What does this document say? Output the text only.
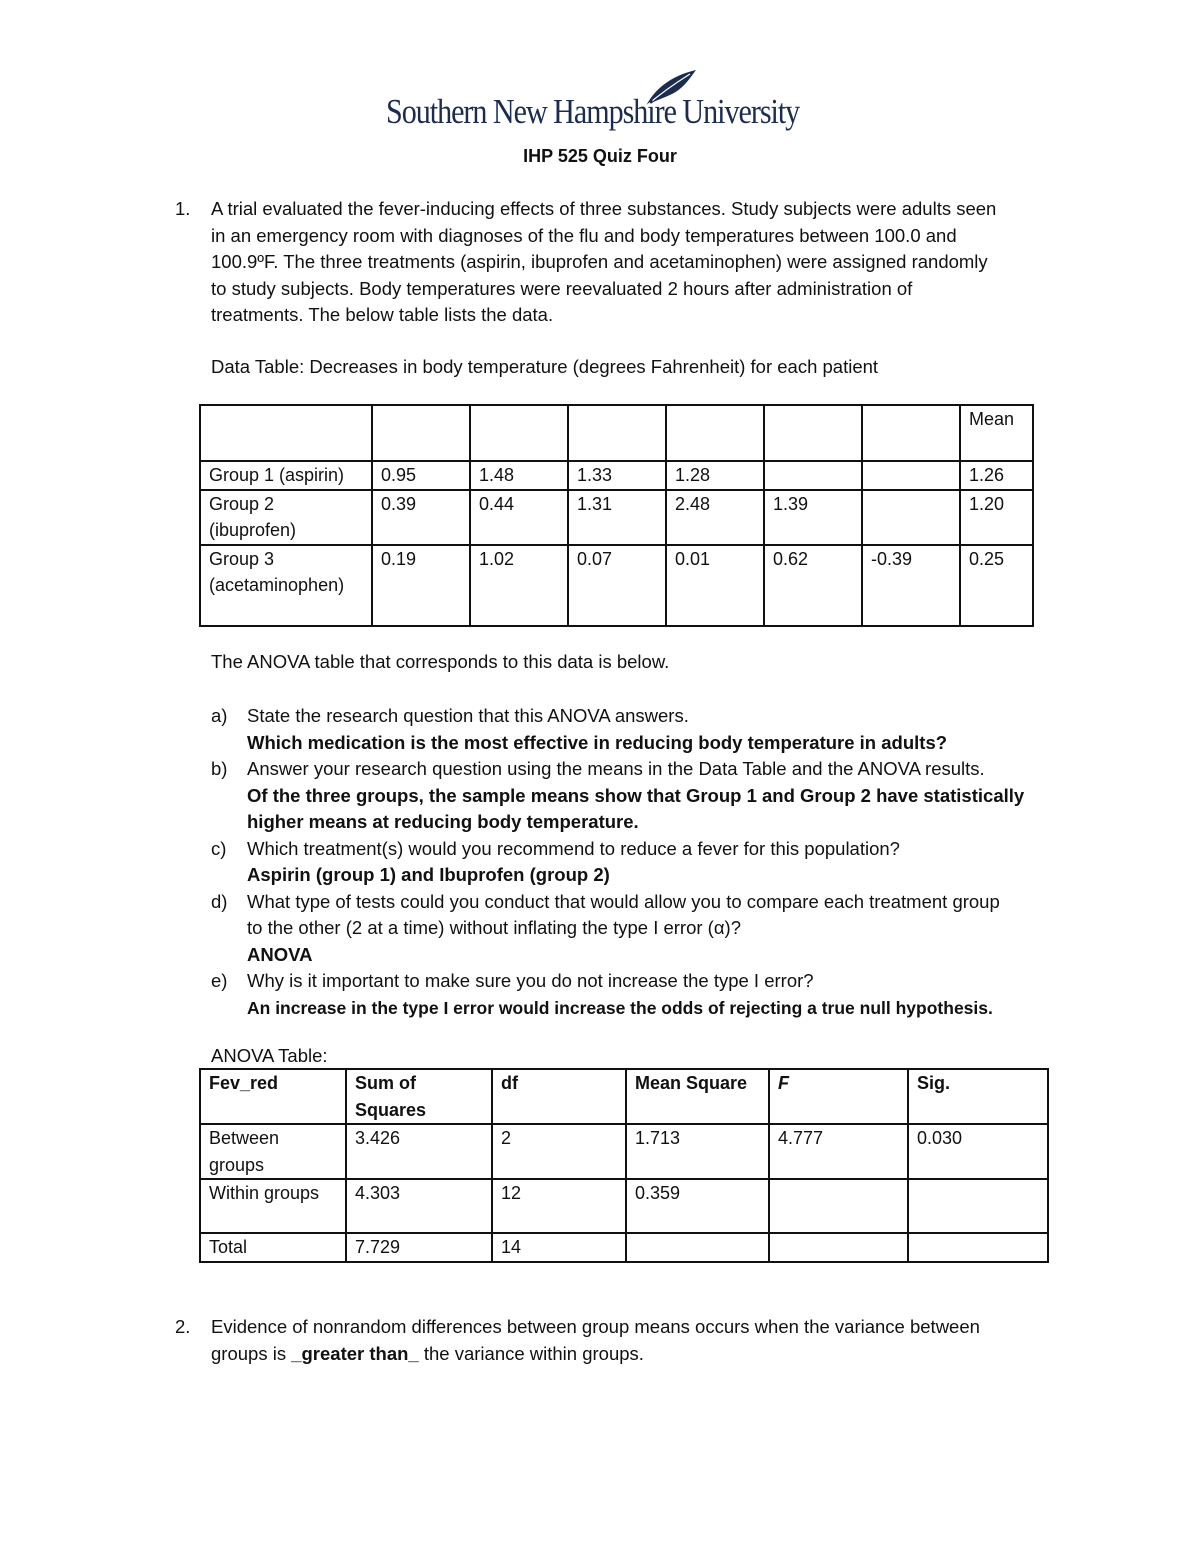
Southern New Hampshire University
IHP 525 Quiz Four
1. A trial evaluated the fever-inducing effects of three substances. Study subjects were adults seen

in an emergency room with diagnoses of the flu and body temperatures between 100.0 and

100.9ºF. The three treatments (aspirin, ibuprofen and acetaminophen) were assigned randomly

to study subjects. Body temperatures were reevaluated 2 hours after administration of

treatments. The below table lists the data.

Data Table: Decreases in body temperature (degrees Fahrenheit) for each patient
							Mean
Group 1 (aspirin)	0.95	1.48	1.33	1.28			1.26
Group 2 (ibuprofen)	0.39	0.44	1.31	2.48	1.39		1.20
Group 3 (acetaminophen)	0.19	1.02	0.07	0.01	0.62	-0.39	0.25
The ANOVA table that corresponds to this data is below.
a) State the research question that this ANOVA answers.
Which medication is the most effective in reducing body temperature in adults?
b) Answer your research question using the means in the Data Table and the ANOVA results.
Of the three groups, the sample means show that Group 1 and Group 2 have statistically higher means at reducing body temperature.
c) Which treatment(s) would you recommend to reduce a fever for this population?
Aspirin (group 1) and Ibuprofen (group 2)
d) What type of tests could you conduct that would allow you to compare each treatment group to the other (2 at a time) without inflating the type I error (α)?
ANOVA
e) Why is it important to make sure you do not increase the type I error?
An increase in the type I error would increase the odds of rejecting a true null hypothesis.
ANOVA Table:
Fev_red	Sum of Squares	df	Mean Square	F	Sig.
Between groups	3.426	2	1.713	4.777	0.030
Within groups	4.303	12	0.359		
Total	7.729	14			
2. Evidence of nonrandom differences between group means occurs when the variance between

groups is _greater than_ the variance within groups.
